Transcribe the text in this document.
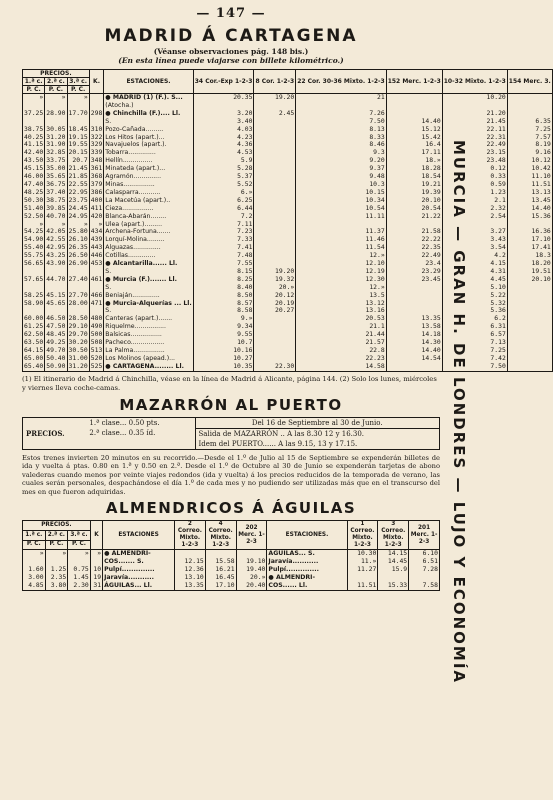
— 147 —
MADRID Á CARTAGENA
(Véanse observaciones pág. 148 bis.)
(En esta línea puede viajarse con billete kilométrico.)
PRECIOS.			K.	ESTACIONES.	34 Cor.-Exp 1-2-3	8 Cor. 1-2-3	22 Cor. 30-36 Mixto. 1-2-3	152 Merc. 1-2-3	10-32 Mixto. 1-2-3	154 Merc. 3.
1.ª c.	2.ª c.	3.ª c.								
P. C.	P. C.	P. C.								
»	»	»		● MADRID (1) (F.). S...	20.35	19.20	21		10.20	
				(Atocha.)						
37.25	28.90	17.70	298	● Chinchilla (F.).... Ll.	3.20	2.45	7.26		21.20	
				S.	3.40		7.50	14.40	21.45	6.35
38.75	30.05	18.45	310	Pozo-Cañada.........	4.03		8.13	15.12	22.11	7.25
40.25	31.20	19.15	322	Los Hitos (apart.)...	4.23		8.33	15.42	22.31	7.57
41.15	31.90	19.55	329	Navajuelos (apart.).	4.36		8.46	16.4	22.49	8.19
42.40	32.85	20.15	339	Tobarra..............	4.53		9.3	17.11	23.15	9.16
43.50	33.75	20.7	348	Hellín...............	5.9		9.20	18.»	23.48	10.12
45.15	35.00	21.45	361	Minateda (apart.)...	5.28		9.37	18.28	0.12	10.42
46.00	35.65	21.85	368	Agramón..............	5.37		9.48	18.54	0.33	11.10
47.40	36.75	22.55	379	Minas................	5.52		10.3	19.21	0.59	11.51
48.25	37.40	22.95	386	Calasparra...........	6.»		10.15	19.39	1.23	13.13
50.30	38.75	23.75	400	La Macetúa (apart.)..	6.25		10.34	20.10	2.1	13.45
51.40	39.85	24.45	411	Cieza................	6.44		10.54	20.54	2.32	14.40
52.50	40.70	24.95	420	Blanca-Abarán........	7.2		11.11	21.22	2.54	15.36
»	»	»	»	Ulea (apart.).........	7.11					
54.25	42.05	25.80	434	Archena-Fortuna.......	7.23		11.37	21.58	3.27	16.36
54.90	42.55	26.10	439	Lorquí-Molina.........	7.33		11.46	22.22	3.43	17.10
55.40	42.95	26.35	443	Alguazas..............	7.41		11.54	22.35	3.54	17.41
55.75	43.25	26.50	446	Cotillas..............	7.48		12.»	22.49	4.2	18.3
56.65	43.90	26.90	453	● Alcantarilla...... Ll.	7.55		12.10	23.4	4.15	18.20
				S.	8.15	19.20	12.19	23.29	4.31	19.51
57.65	44.70	27.40	461	● Murcia (F.)....... Ll.	8.25	19.32	12.30	23.45	4.45	20.10
				S.	8.40	20.»	12.»		5.10	
58.25	45.15	27.70	466	Beniaján..............	8.50	20.12	13.5		5.22	
58.90	45.65	28.00	471	● Murcia-Alquerías ... Ll.	8.57	20.19	13.12		5.32	
				S.	8.58	20.27	13.16		5.36	
60.00	46.50	28.50	480	Canteras (apart.).......	9.»		20.53	13.35	6.2	
61.25	47.50	29.10	490	Riquelme................	9.34		21.1	13.58	6.31	
62.50	48.45	29.70	500	Balsicas................	9.55		21.44	14.18	6.57	
63.50	49.25	30.20	508	Pacheco.................	10.7		21.57	14.30	7.13	
64.15	49.70	30.50	513	La Palma................	10.16		22.8	14.40	7.25	
65.00	50.40	31.00	520	Los Molinos (apead.)...	10.27		22.23	14.54	7.42	
65.40	50.90	31.20	525	● CARTAGENA........ Ll.	10.35	22.30	14.58		7.50	
(1) El itinerario de Madrid á Chinchilla, véase en la línea de Madrid á Alicante, página 144. (2) Solo los lunes, miércoles y viernes lleva coche-camas.
MAZARRÓN AL PUERTO
PRECIOS.	1.ª clase... 0.50 pts.	Del 16 de Septiembre al 30 de Junio.
	2.ª clase... 0.35 íd.	Salida de MAZARRÓN .. A las 8.30 12 y 16.30.
		Idem del PUERTO...... A las 9.15, 13 y 17.15.
Estos trenes invierten 20 minutos en su recorrido.—Desde el 1.º de Julio al 15 de Septiembre se expenderán billetes de ida y vuelta á ptas. 0.80 en 1.ª y 0.50 en 2.ª. Desde el 1.º de Octubre al 30 de Junio se expenderán tarjetas de abono valederas cuando menos por veinte viajes redondos (ida y vuelta) á los precios reducidos de la temporada de verano, las cuales serán personales, despachándose el día 1.º de cada mes y no pudiendo ser utilizadas más que en el transcurso del mes en que fueron adquiridas.
ALMENDRICOS Á ÁGUILAS
PRECIOS.			K	ESTACIONES	2 Correo. Mixto. 1-2-3	4 Correo. Mixto. 1-2-3	202 Merc. 1-2-3	ESTACIONES.	1 Correo. Mixto. 1-2-3	3 Correo. Mixto. 1-2-3	201 Merc. 1-2-3
1.ª c.	2.ª c.	3.ª c.									
P. C.	P. C.	P. C.									
»	»	»	»	● ALMENDRI-				ÁGUILAS... S.	10.30	14.15	6.10
				COS....... S.	12.15	15.58	19.10	Jaravía...........	11.»	14.45	6.51
1.60	1.25	0.75	10	Pulpí..............	12.36	16.21	19.40	Pulpí..............	11.27	15.9	7.28
3.00	2.35	1.45	19	Jaravía...........	13.10	16.45	20.»	● ALMENDRI-			
4.85	3.80	2.30	31	ÁGUILAS... Ll.	13.35	17.10	20.40	COS...... Ll.	11.51	15.33	7.58 MURCIA — GRAN H. DE LONDRES — LUJO Y ECONOMÍA
